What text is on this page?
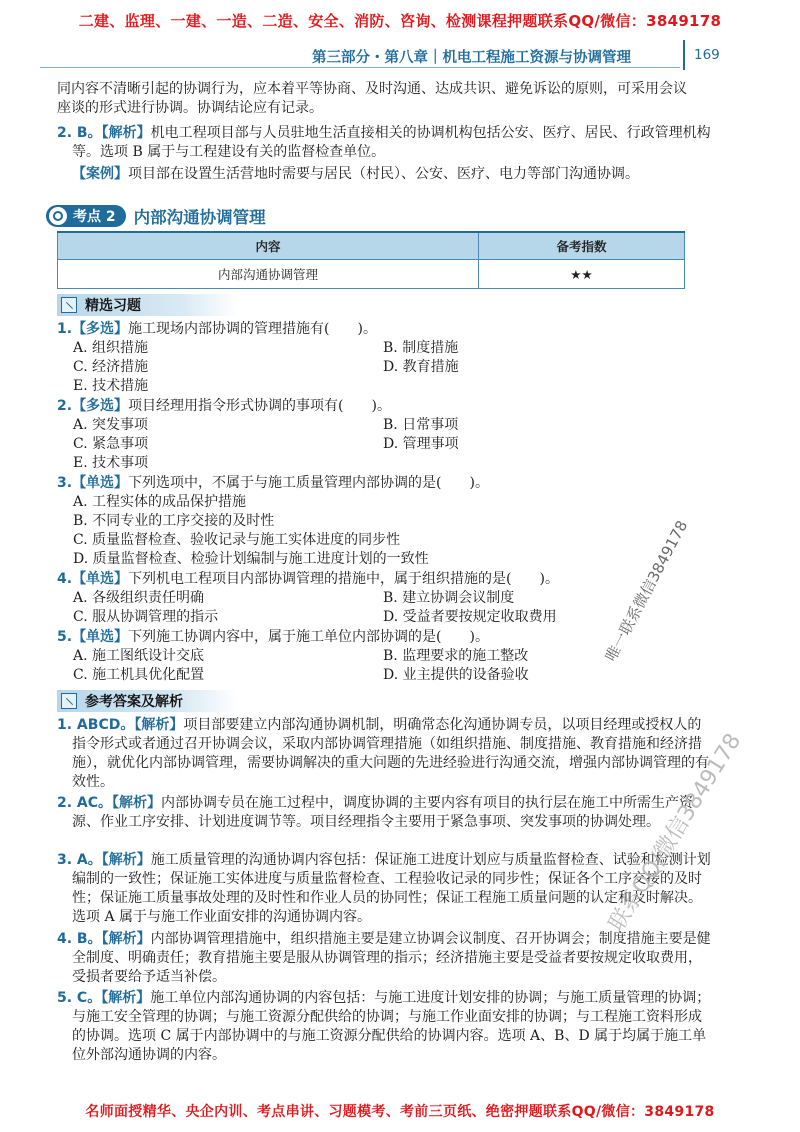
二建、监理、一建、一造、二造、安全、消防、咨询、检测课程押题联系QQ/微信：3849178
第三部分・第八章｜机电工程施工资源与协调管理	169

同内容不清晰引起的协调行为，应本着平等协商、及时沟通、达成共识、避免诉讼的原则，可采用会议座谈的形式进行协调。协调结论应有记录。

2. B。【解析】机电工程项目部与人员驻地生活直接相关的协调机构包括公安、医疗、居民、行政管理机构等。选项 B 属于与工程建设有关的监督检查单位。

【案例】项目部在设置生活营地时需要与居民（村民）、公安、医疗、电力等部门沟通协调。

考点 2 内部沟通协调管理
内容	备考指数
内部沟通协调管理	★★
精选习题

1.【多选】施工现场内部协调的管理措施有(　　)。

A. 组织措施	B. 制度措施
C. 经济措施	D. 教育措施
E. 技术措施

2.【多选】项目经理用指令形式协调的事项有(　　)。

A. 突发事项	B. 日常事项
C. 紧急事项	D. 管理事项
E. 技术事项

3.【单选】下列选项中，不属于与施工质量管理内部协调的是(　　)。

A. 工程实体的成品保护措施
B. 不同专业的工序交接的及时性
C. 质量监督检查、验收记录与施工实体进度的同步性
D. 质量监督检查、检验计划编制与施工进度计划的一致性

4.【单选】下列机电工程项目内部协调管理的措施中，属于组织措施的是(　　)。

A. 各级组织责任明确	B. 建立协调会议制度
C. 服从协调管理的指示	D. 受益者要按规定收取费用

5.【单选】下列施工协调内容中，属于施工单位内部协调的是(　　)。

A. 施工图纸设计交底	B. 监理要求的施工整改
C. 施工机具优化配置	D. 业主提供的设备验收
参考答案及解析

1. ABCD。【解析】项目部要建立内部沟通协调机制，明确常态化沟通协调专员，以项目经理或授权人的指令形式或者通过召开协调会议，采取内部协调管理措施（如组织措施、制度措施、教育措施和经济措施），就优化内部协调管理，需要协调解决的重大问题的先进经验进行沟通交流，增强内部协调管理的有效性。

2. AC。【解析】内部协调专员在施工过程中，调度协调的主要内容有项目的执行层在施工中所需生产资源、作业工序安排、计划进度调节等。项目经理指令主要用于紧急事项、突发事项的协调处理。

3. A。【解析】施工质量管理的沟通协调内容包括：保证施工进度计划应与质量监督检查、试验和检测计划编制的一致性；保证施工实体进度与质量监督检查、工程验收记录的同步性；保证各个工序交接的及时性；保证施工质量事故处理的及时性和作业人员的协同性；保证工程施工质量问题的认定和及时解决。选项 A 属于与施工作业面安排的沟通协调内容。

4. B。【解析】内部协调管理措施中，组织措施主要是建立协调会议制度、召开协调会；制度措施主要是健全制度、明确责任；教育措施主要是服从协调管理的指示；经济措施主要是受益者要按规定收取费用，受损者要给予适当补偿。

5. C。【解析】施工单位内部沟通协调的内容包括：与施工进度计划安排的协调；与施工质量管理的协调；与施工安全管理的协调；与施工资源分配供给的协调；与施工作业面安排的协调；与工程施工资料形成的协调。选项 C 属于内部协调中的与施工资源分配供给的协调内容。选项 A、B、D 属于均属于施工单位外部沟通协调的内容。

唯一联系微信3849178
联系QQ/微信3849178
名师面授精华、央企内训、考点串讲、习题模考、考前三页纸、绝密押题联系QQ/微信：3849178
